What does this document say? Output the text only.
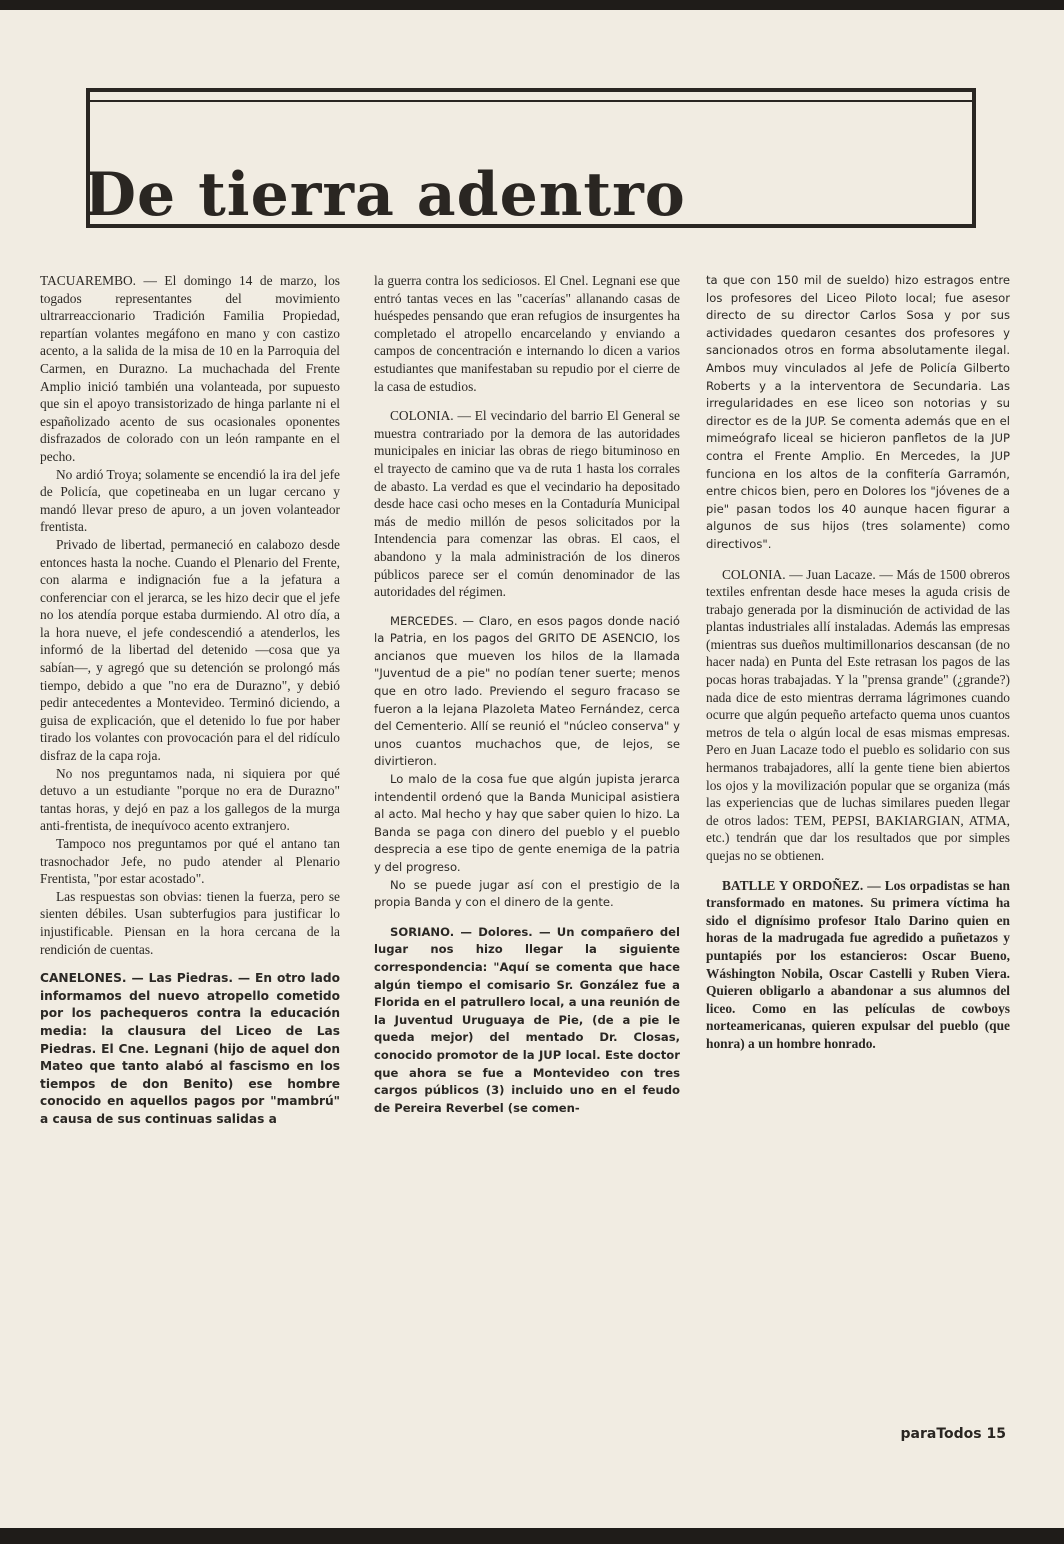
De tierra adentro

TACUAREMBO. — El domingo 14 de marzo, los togados representantes del movimiento ultrarreaccionario Tradición Familia Propiedad, repartían volantes megáfono en mano y con castizo acento, a la salida de la misa de 10 en la Parroquia del Carmen, en Durazno. La muchachada del Frente Amplio inició también una volanteada, por supuesto que sin el apoyo transistorizado de hinga parlante ni el españolizado acento de sus ocasionales oponentes disfrazados de colorado con un león rampante en el pecho.

No ardió Troya; solamente se encendió la ira del jefe de Policía, que copetineaba en un lugar cercano y mandó llevar preso de apuro, a un joven volanteador frentista.

Privado de libertad, permaneció en calabozo desde entonces hasta la noche. Cuando el Plenario del Frente, con alarma e indignación fue a la jefatura a conferenciar con el jerarca, se les hizo decir que el jefe no los atendía porque estaba durmiendo. Al otro día, a la hora nueve, el jefe condescendió a atenderlos, les informó de la libertad del detenido —cosa que ya sabían—, y agregó que su detención se prolongó más tiempo, debido a que "no era de Durazno", y debió pedir antecedentes a Montevideo. Terminó diciendo, a guisa de explicación, que el detenido lo fue por haber tirado los volantes con provocación para el del ridículo disfraz de la capa roja.

No nos preguntamos nada, ni siquiera por qué detuvo a un estudiante "porque no era de Durazno" tantas horas, y dejó en paz a los gallegos de la murga anti-frentista, de inequívoco acento extranjero.

Tampoco nos preguntamos por qué el antano tan trasnochador Jefe, no pudo atender al Plenario Frentista, "por estar acostado".

Las respuestas son obvias: tienen la fuerza, pero se sienten débiles. Usan subterfugios para justificar lo injustificable. Piensan en la hora cercana de la rendición de cuentas.

CANELONES. — Las Piedras. — En otro lado informamos del nuevo atropello cometido por los pachequeros contra la educación media: la clausura del Liceo de Las Piedras. El Cne. Legnani (hijo de aquel don Mateo que tanto alabó al fascismo en los tiempos de don Benito) ese hombre conocido en aquellos pagos por "mambrú" a causa de sus continuas salidas a

la guerra contra los sediciosos. El Cnel. Legnani ese que entró tantas veces en las "cacerías" allanando casas de huéspedes pensando que eran refugios de insurgentes ha completado el atropello encarcelando y enviando a campos de concentración e internando lo dicen a varios estudiantes que manifestaban su repudio por el cierre de la casa de estudios.

COLONIA. — El vecindario del barrio El General se muestra contrariado por la demora de las autoridades municipales en iniciar las obras de riego bituminoso en el trayecto de camino que va de ruta 1 hasta los corrales de abasto. La verdad es que el vecindario ha depositado desde hace casi ocho meses en la Contaduría Municipal más de medio millón de pesos solicitados por la Intendencia para comenzar las obras. El caos, el abandono y la mala administración de los dineros públicos parece ser el común denominador de las autoridades del régimen.

MERCEDES. — Claro, en esos pagos donde nació la Patria, en los pagos del GRITO DE ASENCIO, los ancianos que mueven los hilos de la llamada "Juventud de a pie" no podían tener suerte; menos que en otro lado. Previendo el seguro fracaso se fueron a la lejana Plazoleta Mateo Fernández, cerca del Cementerio. Allí se reunió el "núcleo conserva" y unos cuantos muchachos que, de lejos, se divirtieron.

Lo malo de la cosa fue que algún jupista jerarca intendentil ordenó que la Banda Municipal asistiera al acto. Mal hecho y hay que saber quien lo hizo. La Banda se paga con dinero del pueblo y el pueblo desprecia a ese tipo de gente enemiga de la patria y del progreso.

No se puede jugar así con el prestigio de la propia Banda y con el dinero de la gente.

SORIANO. — Dolores. — Un compañero del lugar nos hizo llegar la siguiente correspondencia: "Aquí se comenta que hace algún tiempo el comisario Sr. González fue a Florida en el patrullero local, a una reunión de la Juventud Uruguaya de Pie, (de a pie le queda mejor) del mentado Dr. Closas, conocido promotor de la JUP local. Este doctor que ahora se fue a Montevideo con tres cargos públicos (3) incluido uno en el feudo de Pereira Reverbel (se comen-

ta que con 150 mil de sueldo) hizo estragos entre los profesores del Liceo Piloto local; fue asesor directo de su director Carlos Sosa y por sus actividades quedaron cesantes dos profesores y sancionados otros en forma absolutamente ilegal. Ambos muy vinculados al Jefe de Policía Gilberto Roberts y a la interventora de Secundaria. Las irregularidades en ese liceo son notorias y su director es de la JUP. Se comenta además que en el mimeógrafo liceal se hicieron panfletos de la JUP contra el Frente Amplio. En Mercedes, la JUP funciona en los altos de la confitería Garramón, entre chicos bien, pero en Dolores los "jóvenes de a pie" pasan todos los 40 aunque hacen figurar a algunos de sus hijos (tres solamente) como directivos".

COLONIA. — Juan Lacaze. — Más de 1500 obreros textiles enfrentan desde hace meses la aguda crisis de trabajo generada por la disminución de actividad de las plantas industriales allí instaladas. Además las empresas (mientras sus dueños multimillonarios descansan (de no hacer nada) en Punta del Este retrasan los pagos de las pocas horas trabajadas. Y la "prensa grande" (¿grande?) nada dice de esto mientras derrama lágrimones cuando ocurre que algún pequeño artefacto quema unos cuantos metros de tela o algún local de esas mismas empresas. Pero en Juan Lacaze todo el pueblo es solidario con sus hermanos trabajadores, allí la gente tiene bien abiertos los ojos y la movilización popular que se organiza (más las experiencias que de luchas similares pueden llegar de otros lados: TEM, PEPSI, BAKIARGIAN, ATMA, etc.) tendrán que dar los resultados que por simples quejas no se obtienen.

BATLLE Y ORDOÑEZ. — Los orpadistas se han transformado en matones. Su primera víctima ha sido el dignísimo profesor Italo Darino quien en horas de la madrugada fue agredido a puñetazos y puntapiés por los estancieros: Oscar Bueno, Wáshington Nobila, Oscar Castelli y Ruben Viera. Quieren obligarlo a abandonar a sus alumnos del liceo. Como en las películas de cowboys norteamericanas, quieren expulsar del pueblo (que honra) a un hombre honrado.

paraTodos 15
